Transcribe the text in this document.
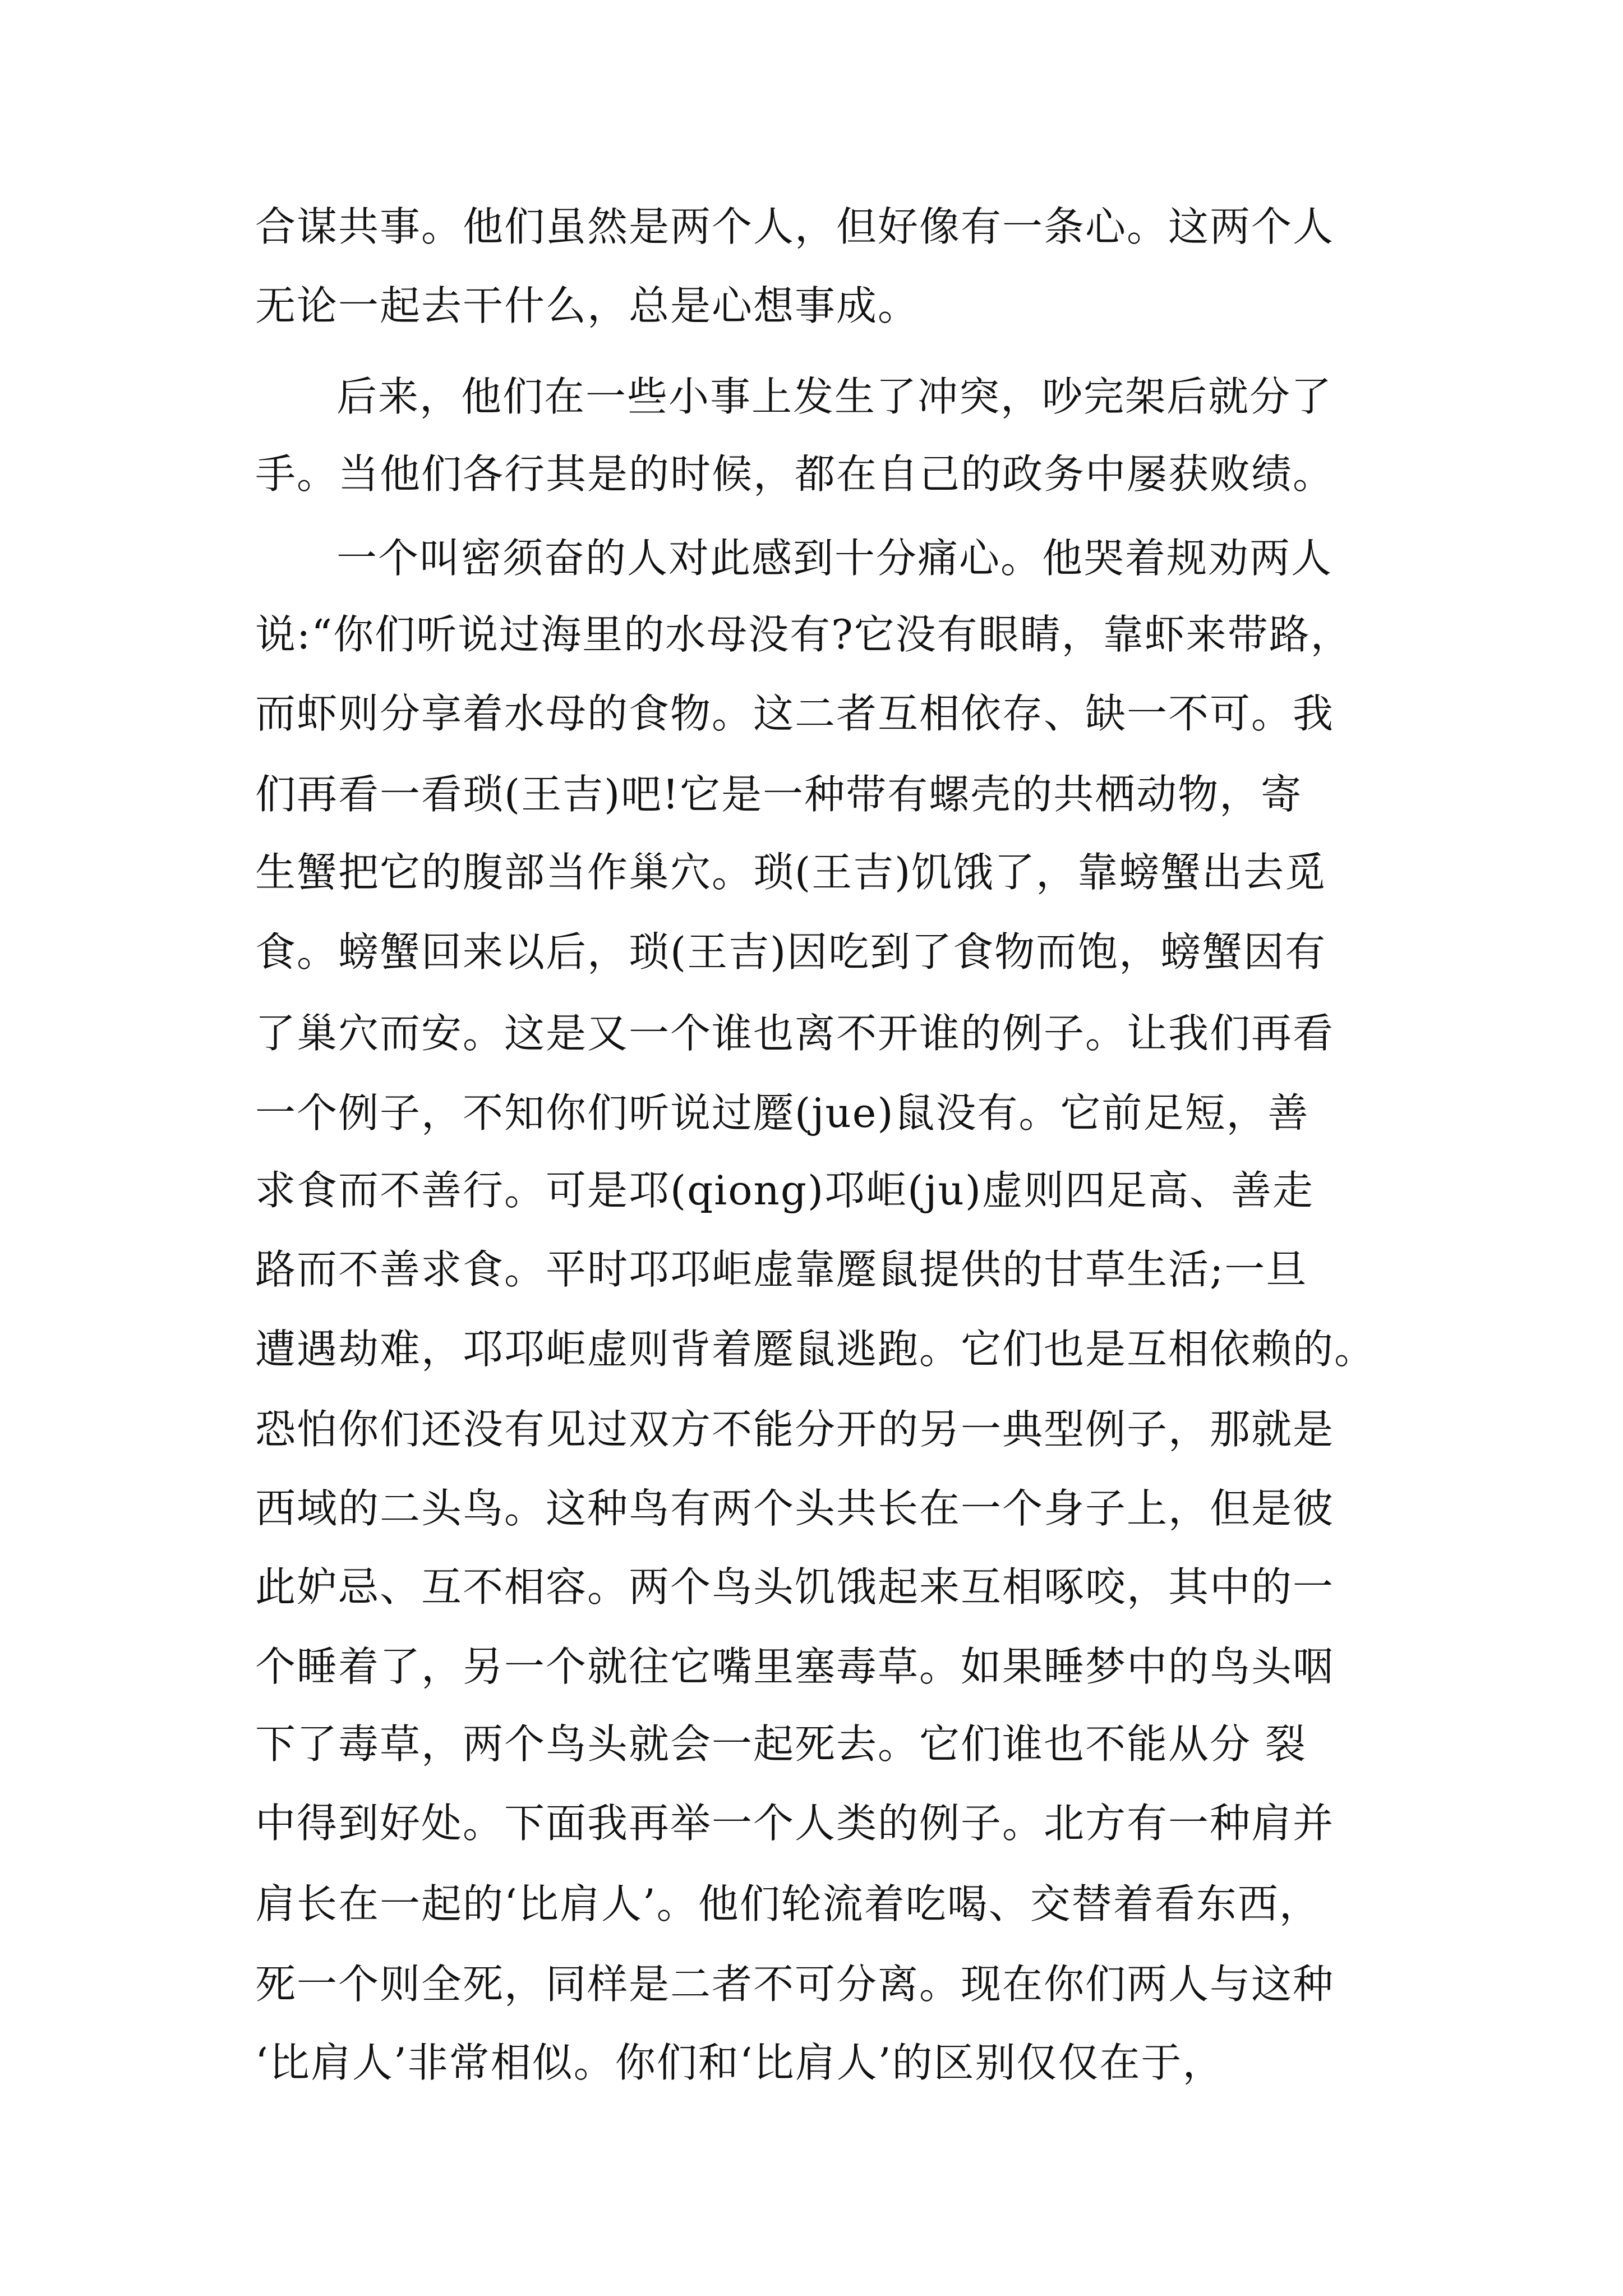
合谋共事。他们虽然是两个人，但好像有一条心。这两个人
无论一起去干什么，总是心想事成。
后来，他们在一些小事上发生了冲突，吵完架后就分了
手。当他们各行其是的时候，都在自己的政务中屡获败绩。
一个叫密须奋的人对此感到十分痛心。他哭着规劝两人
说:“你们听说过海里的水母没有?它没有眼睛，靠虾来带路，
而虾则分享着水母的食物。这二者互相依存、缺一不可。我
们再看一看琐(王吉)吧!它是一种带有螺壳的共栖动物，寄
生蟹把它的腹部当作巢穴。琐(王吉)饥饿了，靠螃蟹出去觅
食。螃蟹回来以后，琐(王吉)因吃到了食物而饱，螃蟹因有
了巢穴而安。这是又一个谁也离不开谁的例子。让我们再看
一个例子，不知你们听说过蹷(jue)鼠没有。它前足短，善
求食而不善行。可是邛(qiong)邛岠(ju)虚则四足高、善走
路而不善求食。平时邛邛岠虚靠蹷鼠提供的甘草生活;一旦
遭遇劫难，邛邛岠虚则背着蹷鼠逃跑。它们也是互相依赖的。
恐怕你们还没有见过双方不能分开的另一典型例子，那就是
西域的二头鸟。这种鸟有两个头共长在一个身子上，但是彼
此妒忌、互不相容。两个鸟头饥饿起来互相啄咬，其中的一
个睡着了，另一个就往它嘴里塞毒草。如果睡梦中的鸟头咽
下了毒草，两个鸟头就会一起死去。它们谁也不能从分 裂
中得到好处。下面我再举一个人类的例子。北方有一种肩并
肩长在一起的‘比肩人’。他们轮流着吃喝、交替着看东西，
死一个则全死，同样是二者不可分离。现在你们两人与这种
‘比肩人’非常相似。你们和‘比肩人’的区别仅仅在于，
